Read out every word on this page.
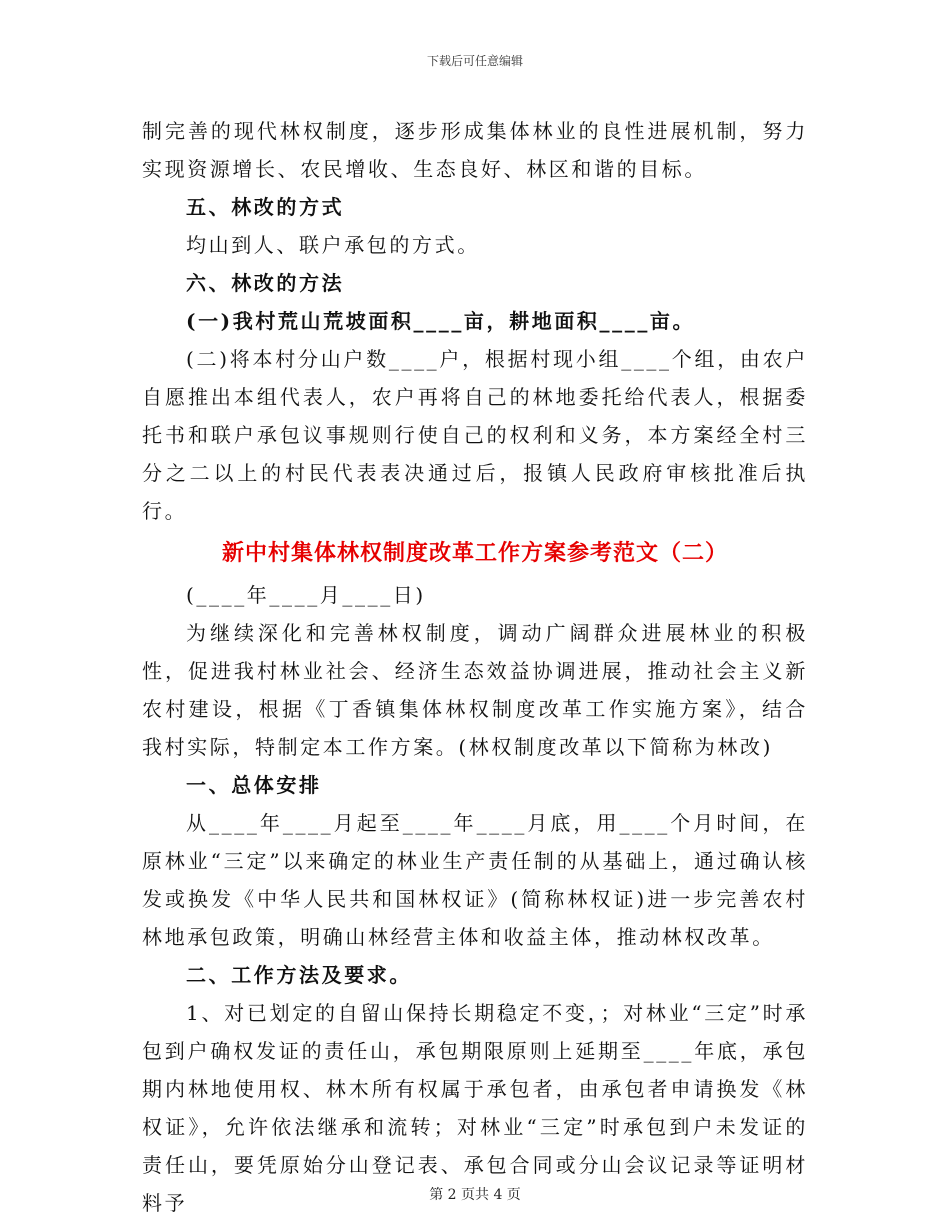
下载后可任意编辑

制完善的现代林权制度，逐步形成集体林业的良性进展机制，努力实现资源增长、农民增收、生态良好、林区和谐的目标。

五、林改的方式

均山到人、联户承包的方式。

六、林改的方法

(一)我村荒山荒坡面积____亩，耕地面积____亩。

(二)将本村分山户数____户，根据村现小组____个组，由农户自愿推出本组代表人，农户再将自己的林地委托给代表人，根据委托书和联户承包议事规则行使自己的权利和义务，本方案经全村三分之二以上的村民代表表决通过后，报镇人民政府审核批准后执行。

新中村集体林权制度改革工作方案参考范文（二）

(____年____月____日)

为继续深化和完善林权制度，调动广阔群众进展林业的积极性，促进我村林业社会、经济生态效益协调进展，推动社会主义新农村建设，根据《丁香镇集体林权制度改革工作实施方案》，结合我村实际，特制定本工作方案。(林权制度改革以下简称为林改)

一、总体安排

从____年____月起至____年____月底，用____个月时间，在原林业“三定”以来确定的林业生产责任制的从基础上，通过确认核发或换发《中华人民共和国林权证》(简称林权证)进一步完善农村林地承包政策，明确山林经营主体和收益主体，推动林权改革。

二、工作方法及要求。

1、对已划定的自留山保持长期稳定不变，；对林业“三定”时承包到户确权发证的责任山，承包期限原则上延期至____年底，承包期内林地使用权、林木所有权属于承包者，由承包者申请换发《林权证》，允许依法继承和流转；对林业“三定”时承包到户未发证的责任山，要凭原始分山登记表、承包合同或分山会议记录等证明材料予	第 2 页共 4 页
